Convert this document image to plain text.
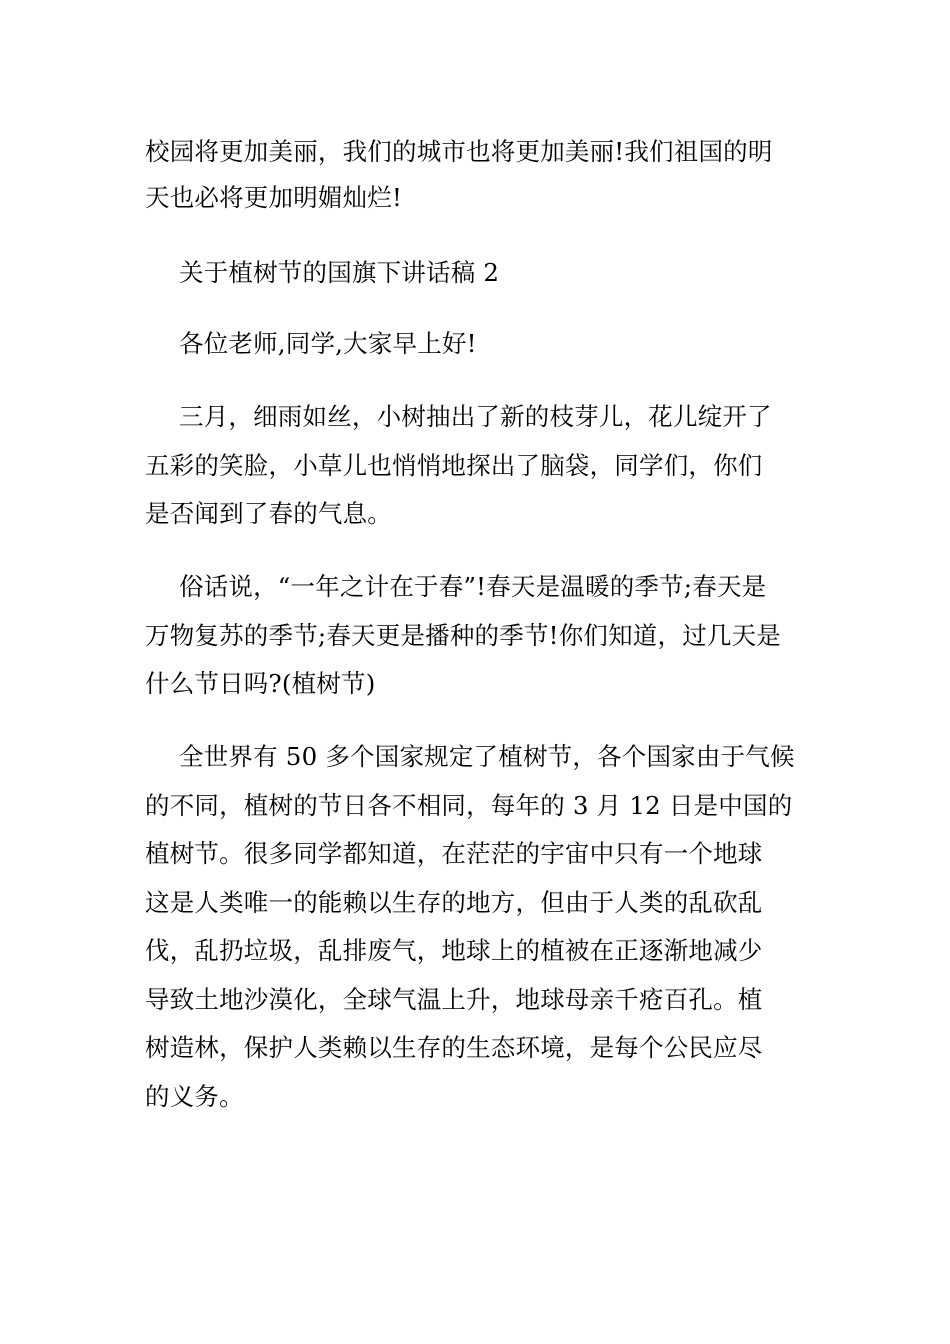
校园将更加美丽，我们的城市也将更加美丽!我们祖国的明
天也必将更加明媚灿烂!
关于植树节的国旗下讲话稿 2
各位老师,同学,大家早上好!
三月，细雨如丝，小树抽出了新的枝芽儿，花儿绽开了
五彩的笑脸，小草儿也悄悄地探出了脑袋，同学们，你们
是否闻到了春的气息。
俗话说，“一年之计在于春”!春天是温暖的季节;春天是
万物复苏的季节;春天更是播种的季节!你们知道，过几天是
什么节日吗?(植树节)
全世界有 50 多个国家规定了植树节，各个国家由于气候
的不同，植树的节日各不相同，每年的 3 月 12 日是中国的
植树节。很多同学都知道，在茫茫的宇宙中只有一个地球
这是人类唯一的能赖以生存的地方，但由于人类的乱砍乱
伐，乱扔垃圾，乱排废气，地球上的植被在正逐渐地减少
导致土地沙漠化，全球气温上升，地球母亲千疮百孔。植
树造林，保护人类赖以生存的生态环境，是每个公民应尽
的义务。
